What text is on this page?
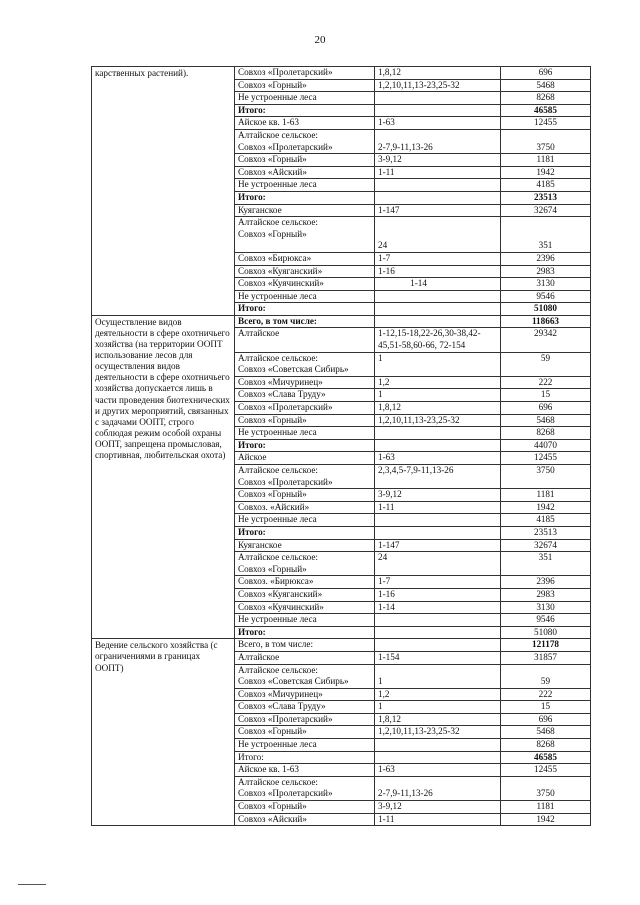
20
карственных растений).	Совхоз «Пролетарский»	1,8,12	696
	Совхоз «Горный»	1,2,10,11,13-23,25-32	5468
	Не устроенные леса		8268
	Итого:		46585
	Айское кв. 1-63	1-63	12455
	Алтайское сельское:
Совхоз «Пролетарский»	2-7,9-11,13-26	3750
	Совхоз «Горный»	3-9,12	1181
	Совхоз «Айский»	1-11	1942
	Не устроенные леса		4185
	Итого:		23513
	Куяганское	1-147	32674
	Алтайское сельское:
Совхоз «Горный»	24	351
	Совхоз «Бирюкса»	1-7	2396
	Совхоз «Куяганский»	1-16	2983
	Совхоз «Куячинский»	1-14	3130
	Не устроенные леса		9546
	Итого:		51080
Осуществление видов деятельности в сфере охотничьего хозяйства (на территории ООПТ использование лесов для осуществления видов деятельности в сфере охотничьего хозяйства допускается лишь в части проведения биотехнических и других мероприятий, связанных с задачами ООПТ, строго соблюдая режим особой охраны ООПТ, запрещена промысловая, спортивная, любительская охота)	Всего, в том числе:		118663
	Алтайское	1-12,15-18,22-26,30-38,42-45,51-58,60-66, 72-154	29342
	Алтайское сельское:
Совхоз «Советская Сибирь»	1	59
	Совхоз «Мичуринец»	1,2	222
	Совхоз «Слава Труду»	1	15
	Совхоз «Пролетарский»	1,8,12	696
	Совхоз «Горный»	1,2,10,11,13-23,25-32	5468
	Не устроенные леса		8268
	Итого:		44070
	Айское	1-63	12455
	Алтайское сельское:
Совхоз «Пролетарский»	2,3,4,5-7,9-11,13-26	3750
	Совхоз «Горный»	3-9,12	1181
	Совхоз. «Айский»	1-11	1942
	Не устроенные леса		4185
	Итого:		23513
	Куяганское	1-147	32674
	Алтайское сельское:
Совхоз «Горный»	24	351
	Совхоз. «Бирюкса»	1-7	2396
	Совхоз «Куяганский»	1-16	2983
	Совхоз «Куячинский»	1-14	3130
	Не устроенные леса		9546
	Итого:		51080
Ведение сельского хозяйства (с ограничениями в границах ООПТ)	Всего, в том числе:		121178
	Алтайское	1-154	31857
	Алтайское сельское:
Совхоз «Советская Сибирь»	1	59
	Совхоз «Мичуринец»	1,2	222
	Совхоз «Слава Труду»	1	15
	Совхоз «Пролетарский»	1,8,12	696
	Совхоз «Горный»	1,2,10,11,13-23,25-32	5468
	Не устроенные леса		8268
	Итого:		46585
	Айское кв. 1-63	1-63	12455
	Алтайское сельское:
Совхоз «Пролетарский»	2-7,9-11,13-26	3750
	Совхоз «Горный»	3-9,12	1181
	Совхоз «Айский»	1-11	1942
